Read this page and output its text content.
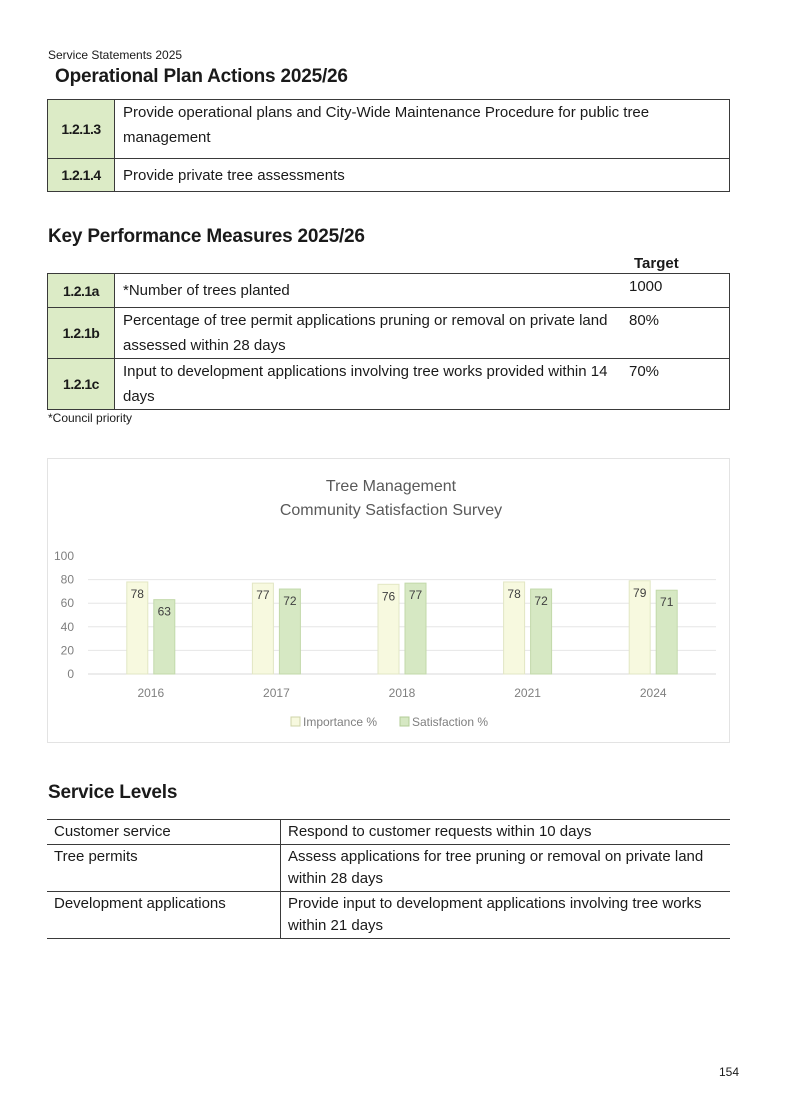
Service Statements 2025
Operational Plan Actions 2025/26
1.2.1.3	Provide operational plans and City-Wide Maintenance Procedure for public tree management
1.2.1.4	Provide private tree assessments
Key Performance Measures 2025/26
Target
1.2.1a	*Number of trees planted	1000
1.2.1b	Percentage of tree permit applications pruning or removal on private land assessed within 28 days	80%
1.2.1c	Input to development applications involving tree works provided within 14 days	70%
*Council priority
Tree Management
Community Satisfaction Survey
78
63
77 72	76 77	78
72
79
71
0
20
40
60
80
100
2016	2017	2018	2021	2024
Importance %	Satisfaction %
Service Levels
Customer service	Respond to customer requests within 10 days
Tree permits	Assess applications for tree pruning or removal on private land within 28 days
Development applications	Provide input to development applications involving tree works within 21 days
154
